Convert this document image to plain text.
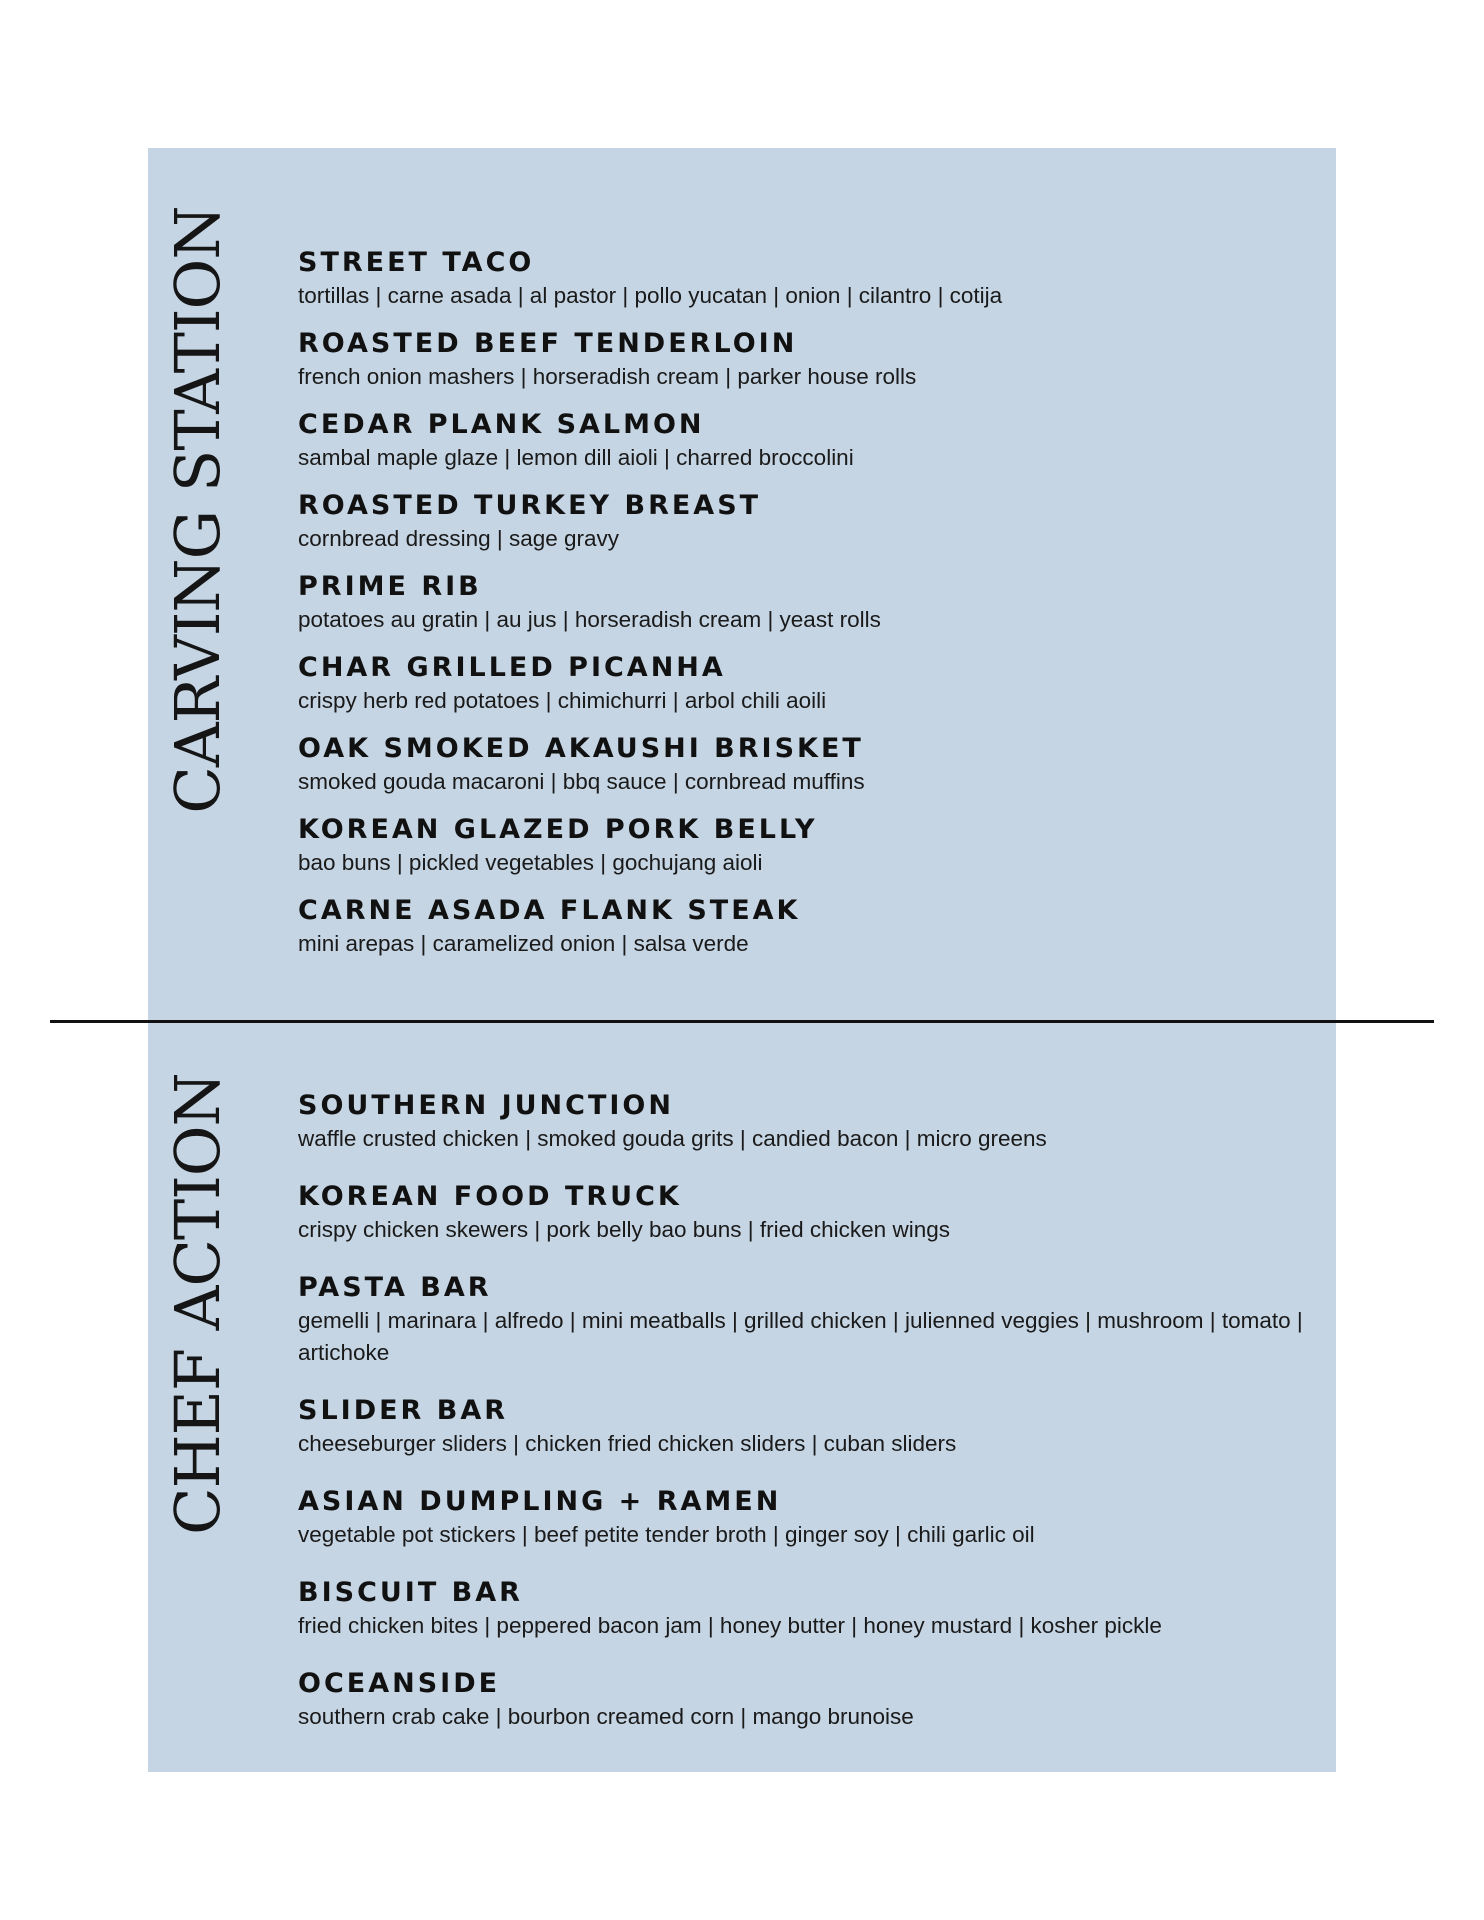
CARVING STATION
CHEF ACTION
STREET TACO
tortillas | carne asada | al pastor | pollo yucatan | onion | cilantro | cotija
ROASTED BEEF TENDERLOIN
french onion mashers | horseradish cream | parker house rolls
CEDAR PLANK SALMON
sambal maple glaze | lemon dill aioli | charred broccolini
ROASTED TURKEY BREAST
cornbread dressing | sage gravy
PRIME RIB
potatoes au gratin | au jus | horseradish cream | yeast rolls
CHAR GRILLED PICANHA
crispy herb red potatoes | chimichurri | arbol chili aoili
OAK SMOKED AKAUSHI BRISKET
smoked gouda macaroni | bbq sauce | cornbread muffins
KOREAN GLAZED PORK BELLY
bao buns | pickled vegetables | gochujang aioli
CARNE ASADA FLANK STEAK
mini arepas | caramelized onion | salsa verde
SOUTHERN JUNCTION
waffle crusted chicken | smoked gouda grits | candied bacon | micro greens
KOREAN FOOD TRUCK
crispy chicken skewers | pork belly bao buns | fried chicken wings
PASTA BAR
gemelli | marinara | alfredo | mini meatballs | grilled chicken | julienned veggies | mushroom | tomato | artichoke
SLIDER BAR
cheeseburger sliders | chicken fried chicken sliders | cuban sliders
ASIAN DUMPLING + RAMEN
vegetable pot stickers | beef petite tender broth | ginger soy | chili garlic oil
BISCUIT BAR
fried chicken bites | peppered bacon jam | honey butter | honey mustard | kosher pickle
OCEANSIDE
southern crab cake | bourbon creamed corn | mango brunoise
